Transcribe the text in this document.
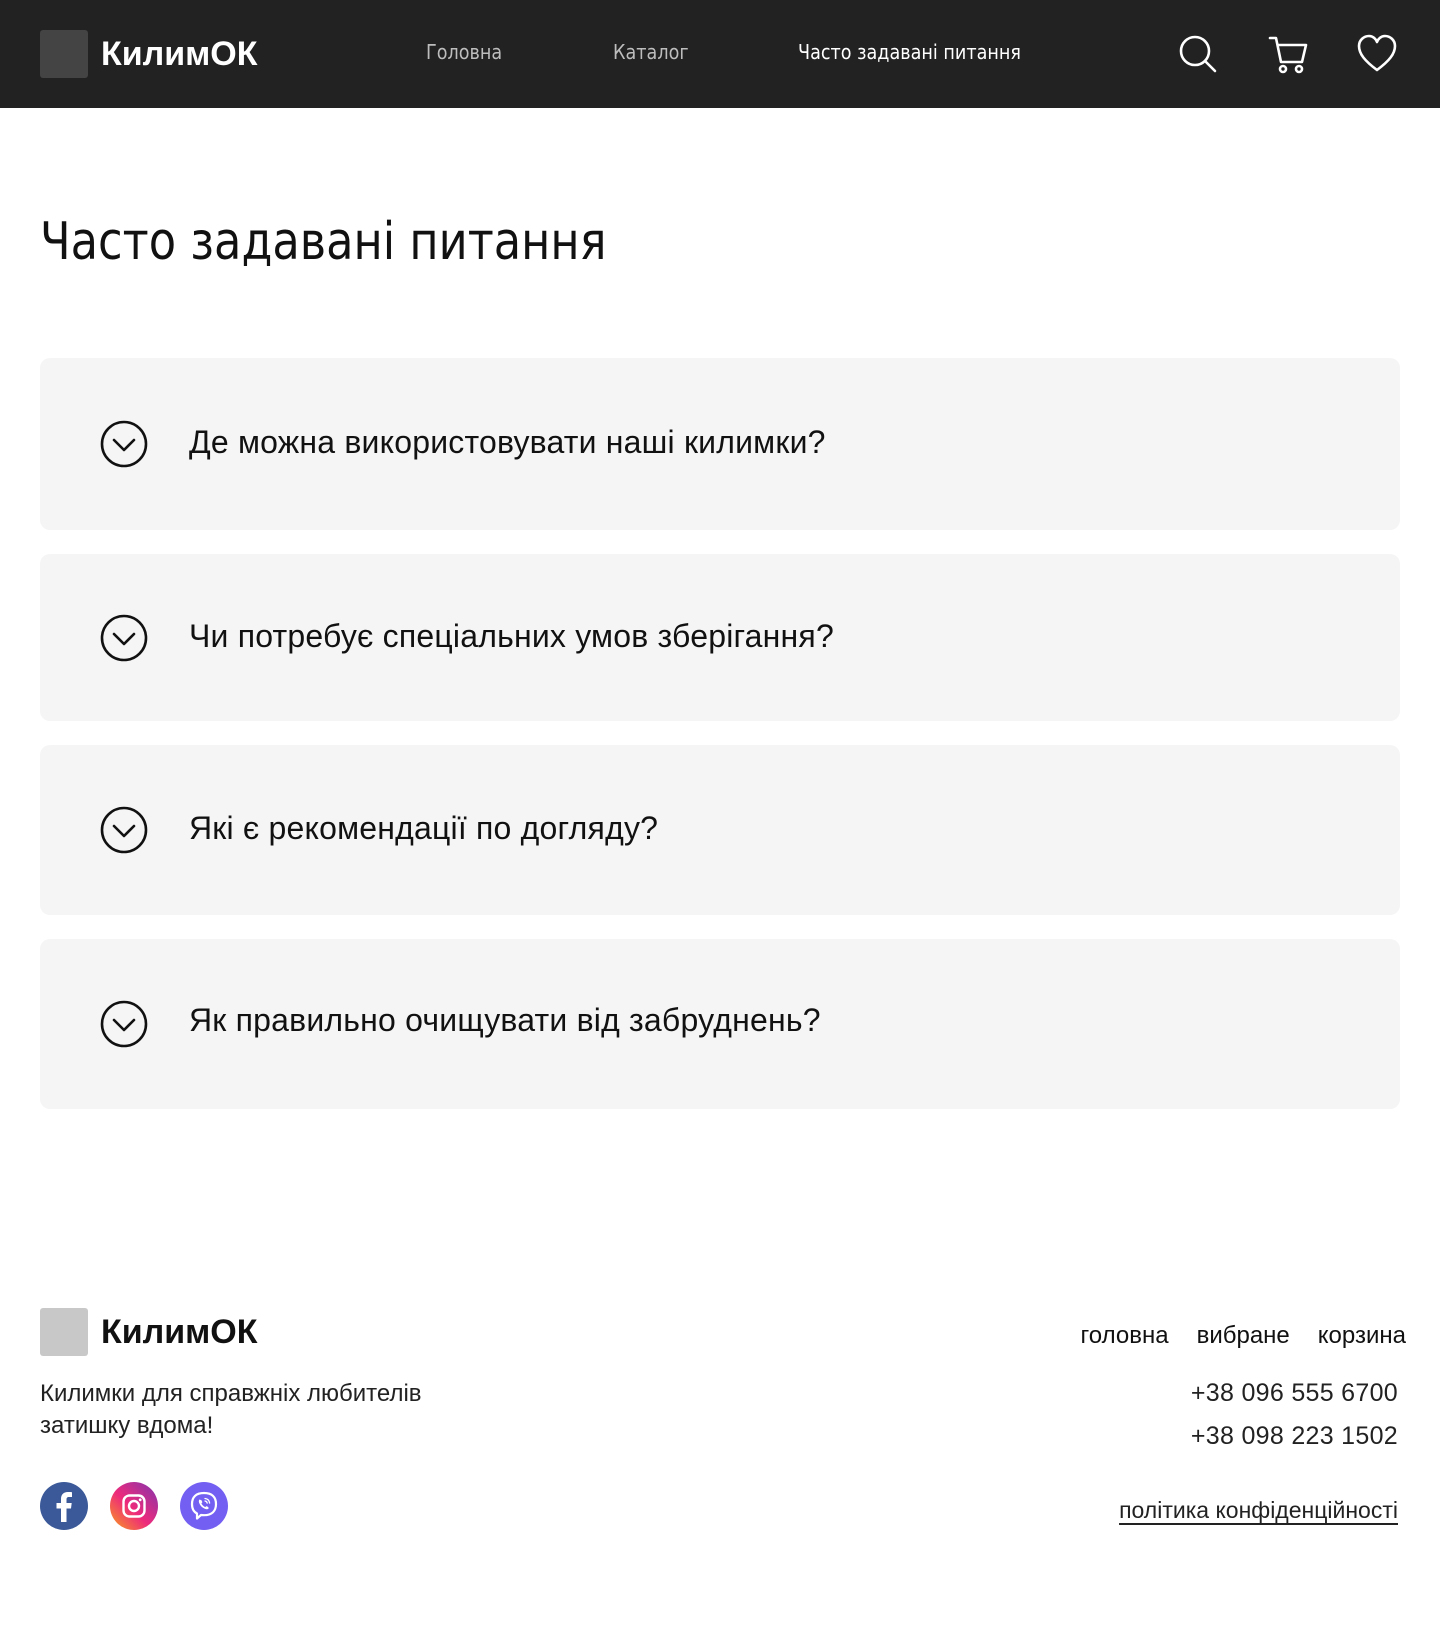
КилимОК	Головна	Каталог	Часто задавані питання
Часто задавані питання
Де можна використовувати наші килимки?
Чи потребує спеціальних умов зберігання?
Які є рекомендації по догляду?
Як правильно очищувати від забруднень?
КилимОК

Килимки для справжніх любителів затишку вдома!

головна вибране корзина
+38 096 555 6700
+38 098 223 1502
політика конфіденційності
